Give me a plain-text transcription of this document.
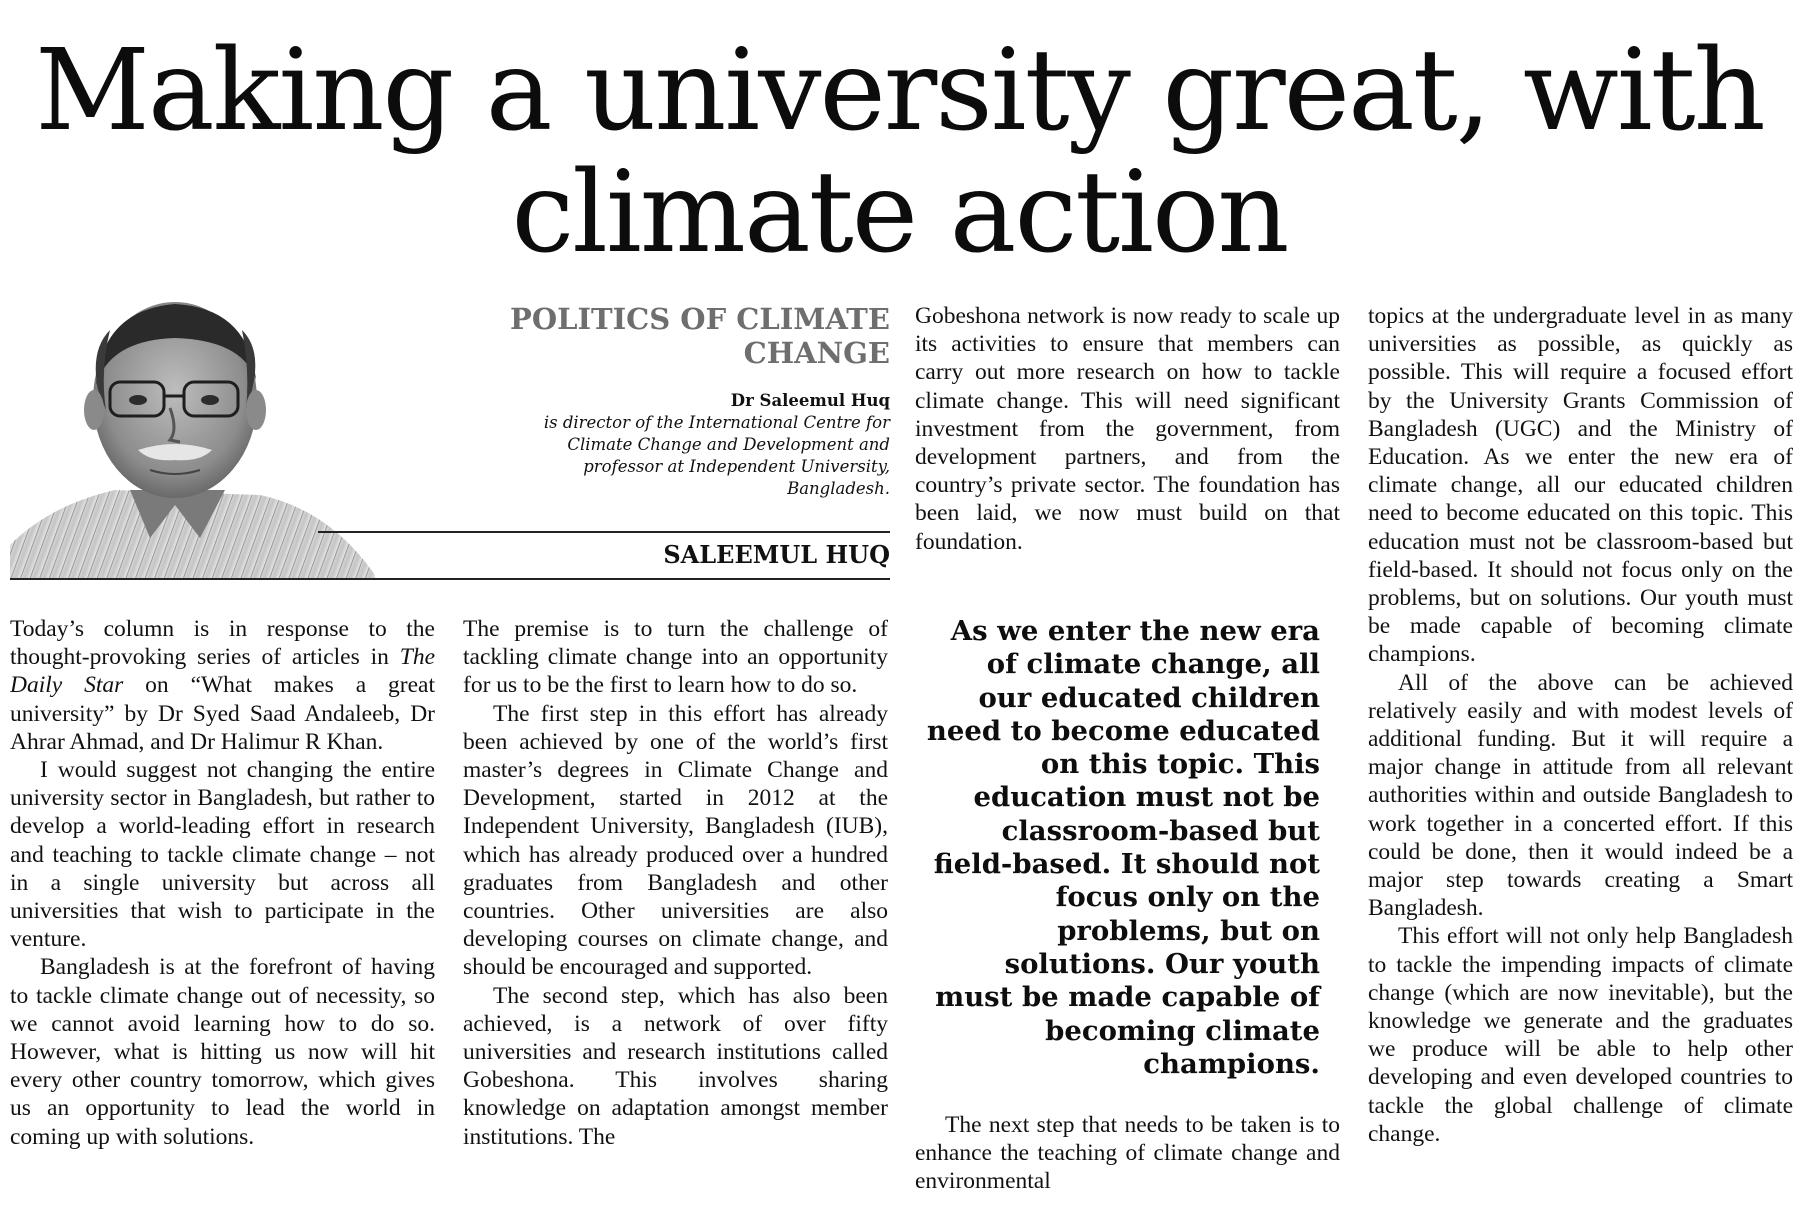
Making a university great, with climate action
POLITICS OF CLIMATE CHANGE
Dr Saleemul Huq
is director of the International Centre for Climate Change and Development and professor at Independent University, Bangladesh.
SALEEMUL HUQ

Today’s column is in response to the thought-provoking series of articles in The Daily Star on “What makes a great university” by Dr Syed Saad Andaleeb, Dr Ahrar Ahmad, and Dr Halimur R Khan.

I would suggest not changing the entire university sector in Bangladesh, but rather to develop a world-leading effort in research and teaching to tackle climate change – not in a single university but across all universities that wish to participate in the venture.

Bangladesh is at the forefront of having to tackle climate change out of necessity, so we cannot avoid learning how to do so. However, what is hitting us now will hit every other country tomorrow, which gives us an opportunity to lead the world in coming up with solutions.

The premise is to turn the challenge of tackling climate change into an opportunity for us to be the first to learn how to do so.

The first step in this effort has already been achieved by one of the world’s first master’s degrees in Climate Change and Development, started in 2012 at the Independent University, Bangladesh (IUB), which has already produced over a hundred graduates from Bangladesh and other countries. Other universities are also developing courses on climate change, and should be encouraged and supported.

The second step, which has also been achieved, is a network of over fifty universities and research institutions called Gobeshona. This involves sharing knowledge on adaptation amongst member institutions. The

Gobeshona network is now ready to scale up its activities to ensure that members can carry out more research on how to tackle climate change. This will need significant investment from the government, from development partners, and from the country’s private sector. The foundation has been laid, we now must build on that foundation.

As we enter the new era of climate change, all our educated children need to become educated on this topic. This education must not be classroom-based but field-based. It should not focus only on the problems, but on solutions. Our youth must be made capable of becoming climate champions.

The next step that needs to be taken is to enhance the teaching of climate change and environmental

topics at the undergraduate level in as many universities as possible, as quickly as possible. This will require a focused effort by the University Grants Commission of Bangladesh (UGC) and the Ministry of Education. As we enter the new era of climate change, all our educated children need to become educated on this topic. This education must not be classroom-based but field-based. It should not focus only on the problems, but on solutions. Our youth must be made capable of becoming climate champions.

All of the above can be achieved relatively easily and with modest levels of additional funding. But it will require a major change in attitude from all relevant authorities within and outside Bangladesh to work together in a concerted effort. If this could be done, then it would indeed be a major step towards creating a Smart Bangladesh.

This effort will not only help Bangladesh to tackle the impending impacts of climate change (which are now inevitable), but the knowledge we generate and the graduates we produce will be able to help other developing and even developed countries to tackle the global challenge of climate change.
